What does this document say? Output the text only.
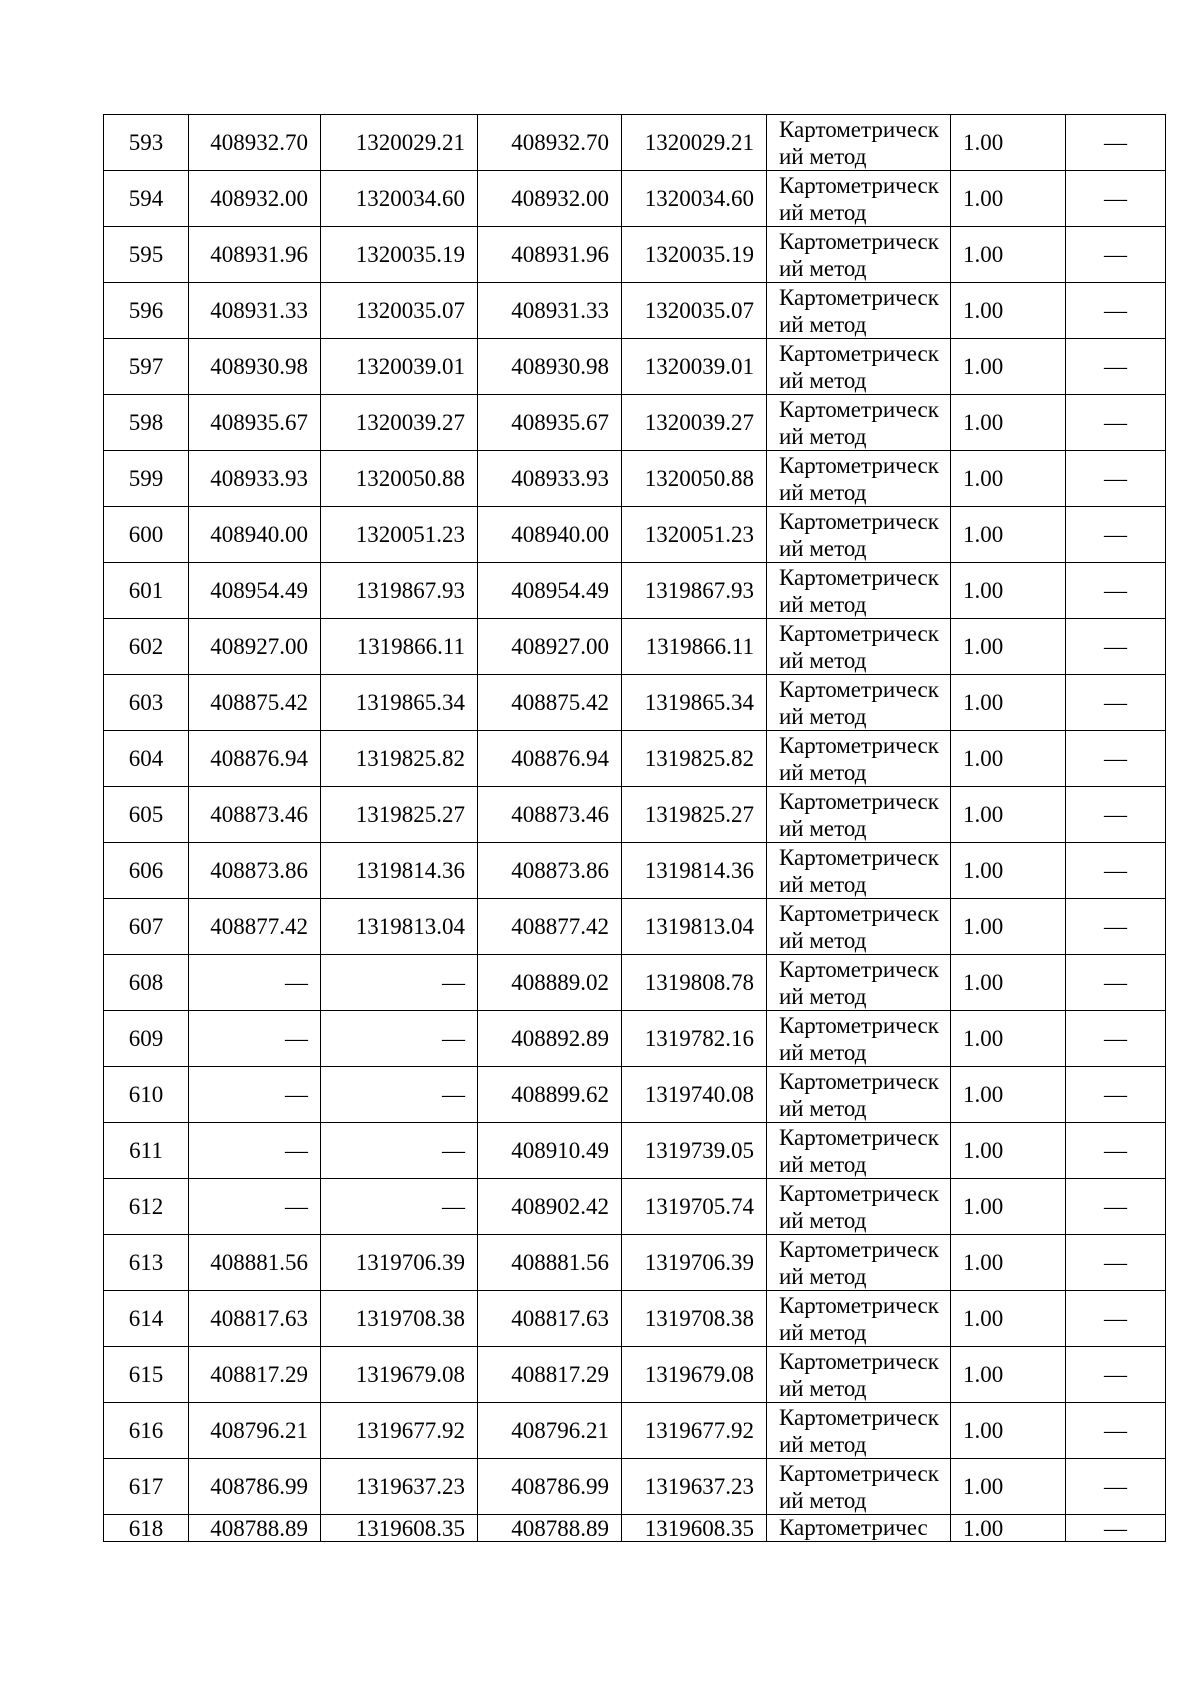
593	408932.70	1320029.21	408932.70	1320029.21	Картометрический метод	1.00	—
594	408932.00	1320034.60	408932.00	1320034.60	Картометрический метод	1.00	—
595	408931.96	1320035.19	408931.96	1320035.19	Картометрический метод	1.00	—
596	408931.33	1320035.07	408931.33	1320035.07	Картометрический метод	1.00	—
597	408930.98	1320039.01	408930.98	1320039.01	Картометрический метод	1.00	—
598	408935.67	1320039.27	408935.67	1320039.27	Картометрический метод	1.00	—
599	408933.93	1320050.88	408933.93	1320050.88	Картометрический метод	1.00	—
600	408940.00	1320051.23	408940.00	1320051.23	Картометрический метод	1.00	—
601	408954.49	1319867.93	408954.49	1319867.93	Картометрический метод	1.00	—
602	408927.00	1319866.11	408927.00	1319866.11	Картометрический метод	1.00	—
603	408875.42	1319865.34	408875.42	1319865.34	Картометрический метод	1.00	—
604	408876.94	1319825.82	408876.94	1319825.82	Картометрический метод	1.00	—
605	408873.46	1319825.27	408873.46	1319825.27	Картометрический метод	1.00	—
606	408873.86	1319814.36	408873.86	1319814.36	Картометрический метод	1.00	—
607	408877.42	1319813.04	408877.42	1319813.04	Картометрический метод	1.00	—
608	—	—	408889.02	1319808.78	Картометрический метод	1.00	—
609	—	—	408892.89	1319782.16	Картометрический метод	1.00	—
610	—	—	408899.62	1319740.08	Картометрический метод	1.00	—
611	—	—	408910.49	1319739.05	Картометрический метод	1.00	—
612	—	—	408902.42	1319705.74	Картометрический метод	1.00	—
613	408881.56	1319706.39	408881.56	1319706.39	Картометрический метод	1.00	—
614	408817.63	1319708.38	408817.63	1319708.38	Картометрический метод	1.00	—
615	408817.29	1319679.08	408817.29	1319679.08	Картометрический метод	1.00	—
616	408796.21	1319677.92	408796.21	1319677.92	Картометрический метод	1.00	—
617	408786.99	1319637.23	408786.99	1319637.23	Картометрический метод	1.00	—
618	408788.89	1319608.35	408788.89	1319608.35	Картометричес	1.00	—
